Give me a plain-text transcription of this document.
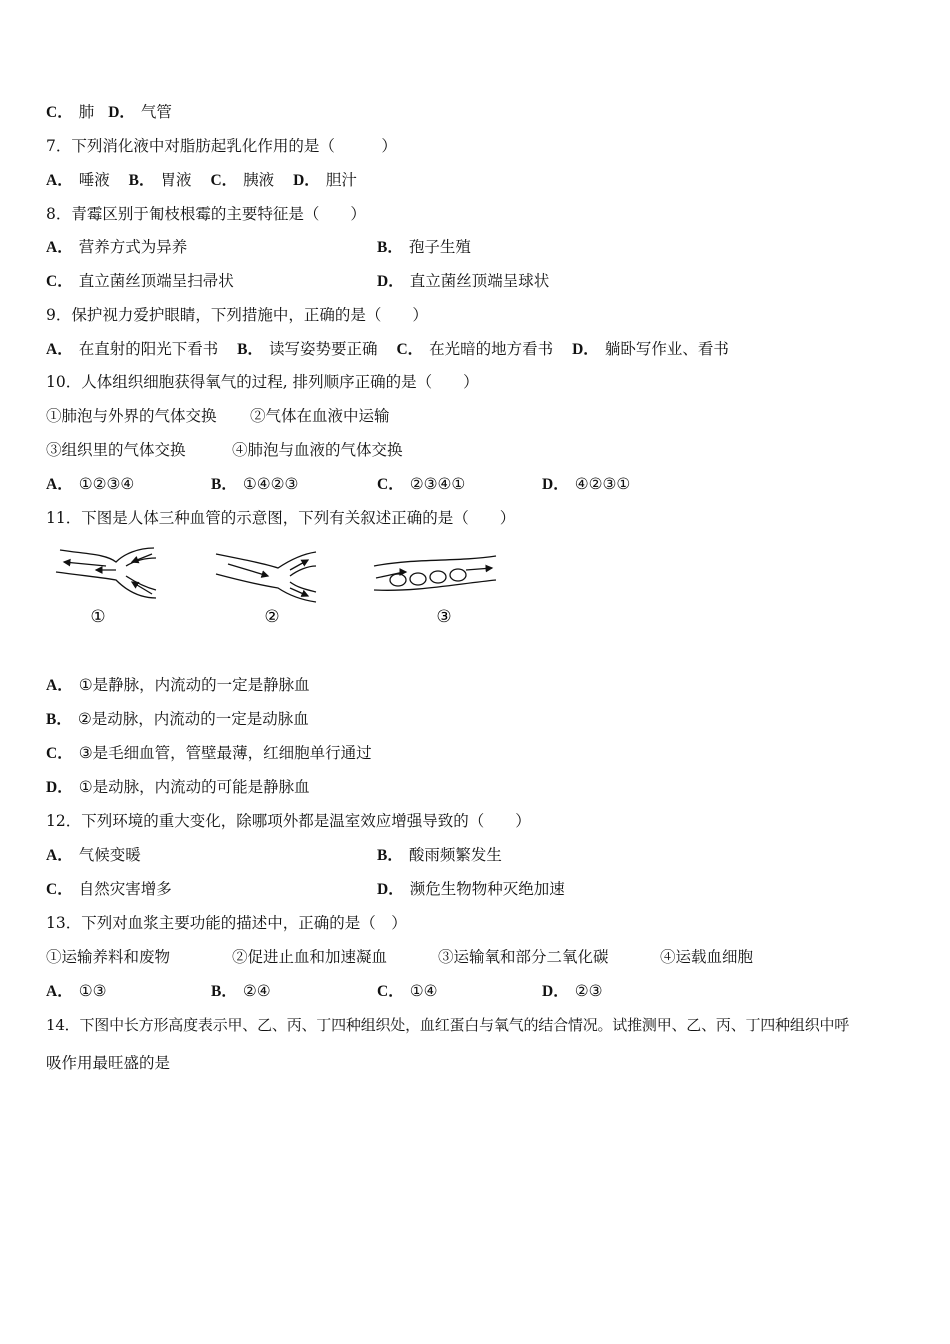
C． 肺 D． 气管
7．下列消化液中对脂肪起乳化作用的是（　　　）
A． 唾液 B． 胃液 C． 胰液 D． 胆汁
8．青霉区别于匍枝根霉的主要特征是（　　）
A． 营养方式为异养	B． 孢子生殖
C． 直立菌丝顶端呈扫帚状	D． 直立菌丝顶端呈球状
9．保护视力爱护眼睛，下列措施中，正确的是（　　）
A． 在直射的阳光下看书 B． 读写姿势要正确 C． 在光暗的地方看书 D． 躺卧写作业、看书
10．人体组织细胞获得氧气的过程, 排列顺序正确的是（　　）
①肺泡与外界的气体交换 ②气体在血液中运输
③组织里的气体交换	④肺泡与血液的气体交换
A． ①②③④	B． ①④②③	C． ②③④①	D． ④②③①
11．下图是人体三种血管的示意图，下列有关叙述正确的是（　　）
①	②	③
A． ①是静脉，内流动的一定是静脉血
B． ②是动脉，内流动的一定是动脉血
C． ③是毛细血管，管壁最薄，红细胞单行通过
D． ①是动脉，内流动的可能是静脉血
12．下列环境的重大变化，除哪项外都是温室效应增强导致的（　　）
A． 气候变暖	B． 酸雨频繁发生
C． 自然灾害增多	D． 濒危生物物种灭绝加速
13．下列对血浆主要功能的描述中，正确的是（　）
①运输养料和废物	②促进止血和加速凝血	③运输氧和部分二氧化碳	④运载血细胞
A． ①③	B． ②④	C． ①④	D． ②③
14．下图中长方形高度表示甲、乙、丙、丁四种组织处，血红蛋白与氧气的结合情况。试推测甲、乙、丙、丁四种组织中呼
吸作用最旺盛的是
